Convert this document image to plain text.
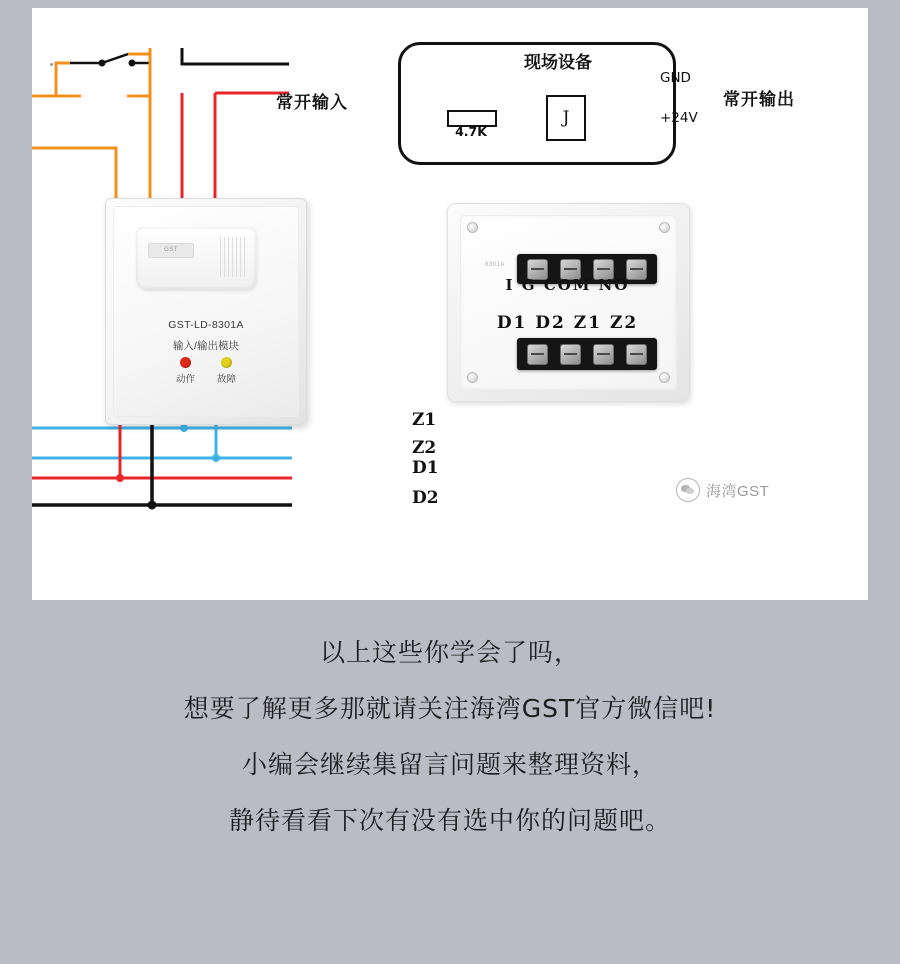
GST
GST-LD-8301A
输入/输出模块
动作 故障
现场设备
4.7K
J
常开输入	常开输出
GND
+24V
8301A
I G COM NO
D1 D2 Z1 Z2
Z1
Z2
D1
D2	海湾GST
以上这些你学会了吗，
想要了解更多那就请关注海湾GST官方微信吧!
小编会继续集留言问题来整理资料，
静待看看下次有没有选中你的问题吧。
